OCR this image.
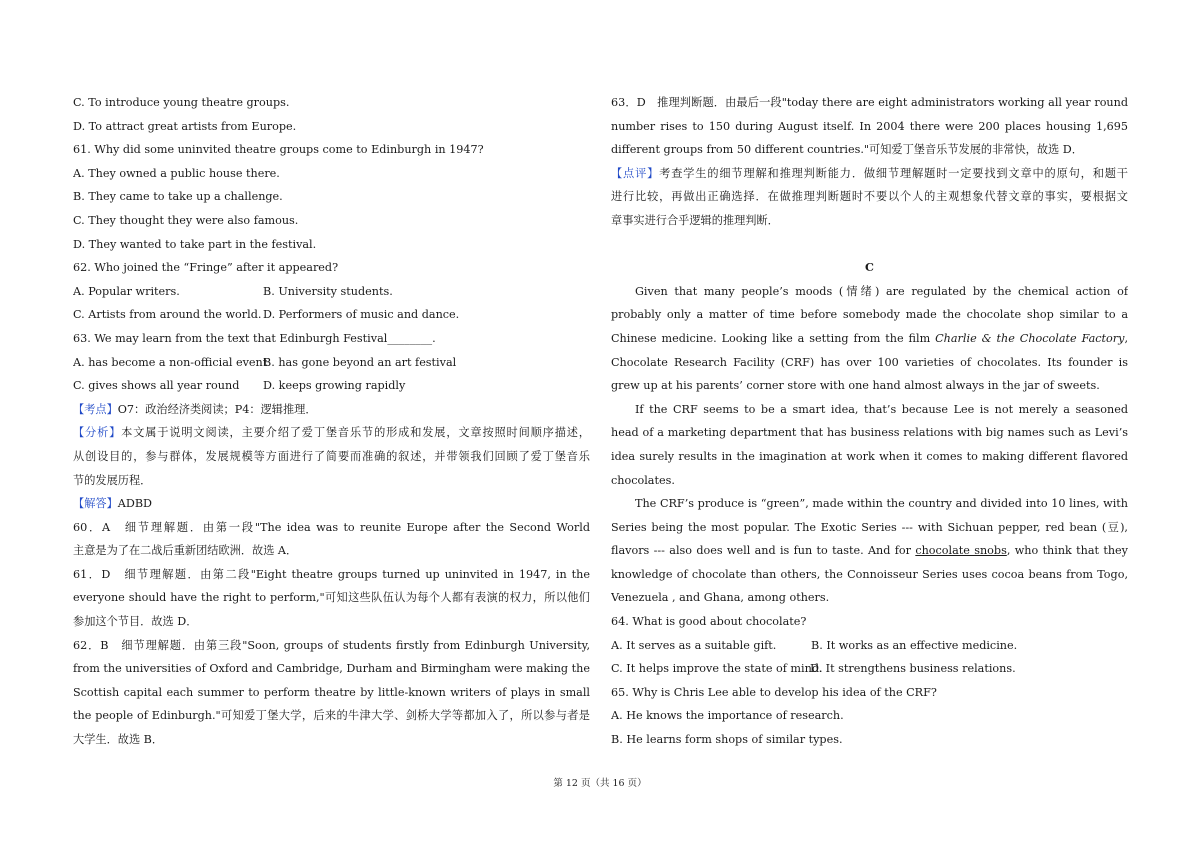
C. To introduce young theatre groups.
D. To attract great artists from Europe.
61. Why did some uninvited theatre groups come to Edinburgh in 1947?
A. They owned a public house there.
B. They came to take up a challenge.
C. They thought they were also famous.
D. They wanted to take part in the festival.
62. Who joined the “Fringe” after it appeared?
A. Popular writers.	B. University students.
C. Artists from around the world. D. Performers of music and dance.
63. We may learn from the text that Edinburgh Festival________.
A. has become a non-official eventB. has gone beyond an art festival
C. gives shows all year round D. keeps growing rapidly
【考点】O7：政治经济类阅读；P4：逻辑推理．
【分析】本文属于说明文阅读，主要介绍了爱丁堡音乐节的形成和发展，文章按照时间顺序描述，
从创设目的，参与群体，发展规模等方面进行了简要而准确的叙述，并带领我们回顾了爱丁堡音乐
节的发展历程．
【解答】ADBD
60．A　细节理解题．由第一段"The idea was to reunite Europe after the Second World
主意是为了在二战后重新团结欧洲．故选 A．
61．D　细节理解题．由第二段"Eight theatre groups turned up uninvited in 1947, in the
everyone should have the right to perform,"可知这些队伍认为每个人都有表演的权力，所以他们
参加这个节目．故选 D．
62．B　细节理解题．由第三段"Soon, groups of students firstly from Edinburgh University,
from the universities of Oxford and Cambridge, Durham and Birmingham were making the
Scottish capital each summer to perform theatre by little-known writers of plays in small
the people of Edinburgh."可知爱丁堡大学，后来的牛津大学、剑桥大学等都加入了，所以参与者是
大学生．故选 B．
63．D　推理判断题．由最后一段"today there are eight administrators working all year round
number rises to 150 during August itself. In 2004 there were 200 places housing 1,695
different groups from 50 different countries."可知爱丁堡音乐节发展的非常快，故选 D．
【点评】考查学生的细节理解和推理判断能力．做细节理解题时一定要找到文章中的原句，和题干
进行比较，再做出正确选择．在做推理判断题时不要以个人的主观想象代替文章的事实，要根据文
章事实进行合乎逻辑的推理判断．
C
Given that many people’s moods (情绪) are regulated by the chemical action of
probably only a matter of time before somebody made the chocolate shop similar to a
Chinese medicine. Looking like a setting from the film Charlie & the Chocolate Factory,
Chocolate Research Facility (CRF) has over 100 varieties of chocolates. Its founder is
grew up at his parents’ corner store with one hand almost always in the jar of sweets.
If the CRF seems to be a smart idea, that’s because Lee is not merely a seasoned
head of a marketing department that has business relations with big names such as Levi’s
idea surely results in the imagination at work when it comes to making different flavored
chocolates.
The CRF’s produce is “green”, made within the country and divided into 10 lines, with
Series being the most popular. The Exotic Series --- with Sichuan pepper, red bean (豆),
flavors --- also does well and is fun to taste. And for chocolate snobs, who think that they
knowledge of chocolate than others, the Connoisseur Series uses cocoa beans from Togo,
Venezuela , and Ghana, among others.
64. What is good about chocolate?
A. It serves as a suitable gift.	B. It works as an effective medicine.
C. It helps improve the state of mind.D. It strengthens business relations.
65. Why is Chris Lee able to develop his idea of the CRF?
A. He knows the importance of research.
B. He learns form shops of similar types.
第 12 页（共 16 页）
